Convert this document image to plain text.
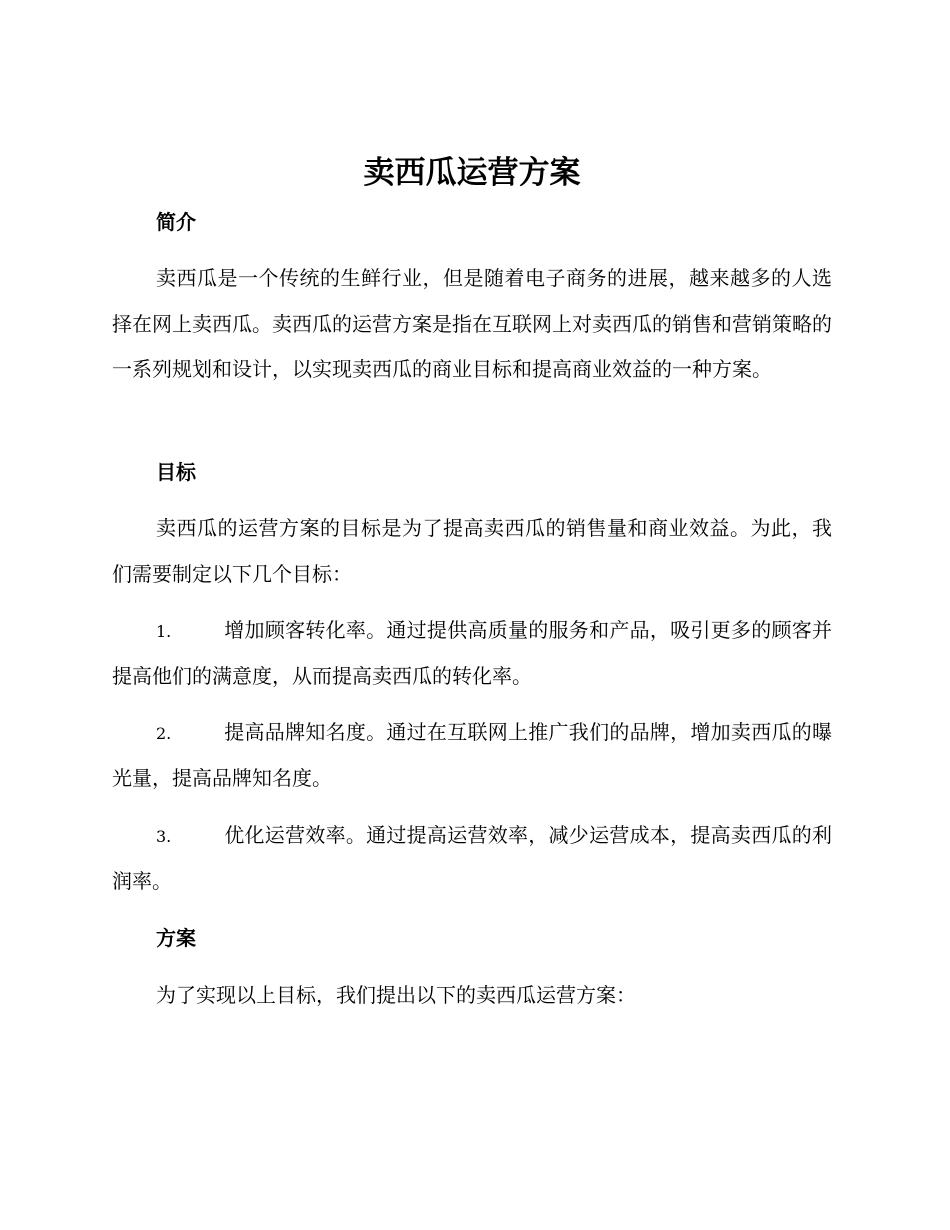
卖西瓜运营方案
简介

卖西瓜是一个传统的生鲜行业，但是随着电子商务的进展，越来越多的人选择在网上卖西瓜。卖西瓜的运营方案是指在互联网上对卖西瓜的销售和营销策略的一系列规划和设计，以实现卖西瓜的商业目标和提高商业效益的一种方案。

目标

卖西瓜的运营方案的目标是为了提高卖西瓜的销售量和商业效益。为此，我们需要制定以下几个目标：

1.	增加顾客转化率。通过提供高质量的服务和产品，吸引更多的顾客并提高他们的满意度，从而提高卖西瓜的转化率。

2.	提高品牌知名度。通过在互联网上推广我们的品牌，增加卖西瓜的曝光量，提高品牌知名度。

3.	优化运营效率。通过提高运营效率，减少运营成本，提高卖西瓜的利润率。

方案

为了实现以上目标，我们提出以下的卖西瓜运营方案：
